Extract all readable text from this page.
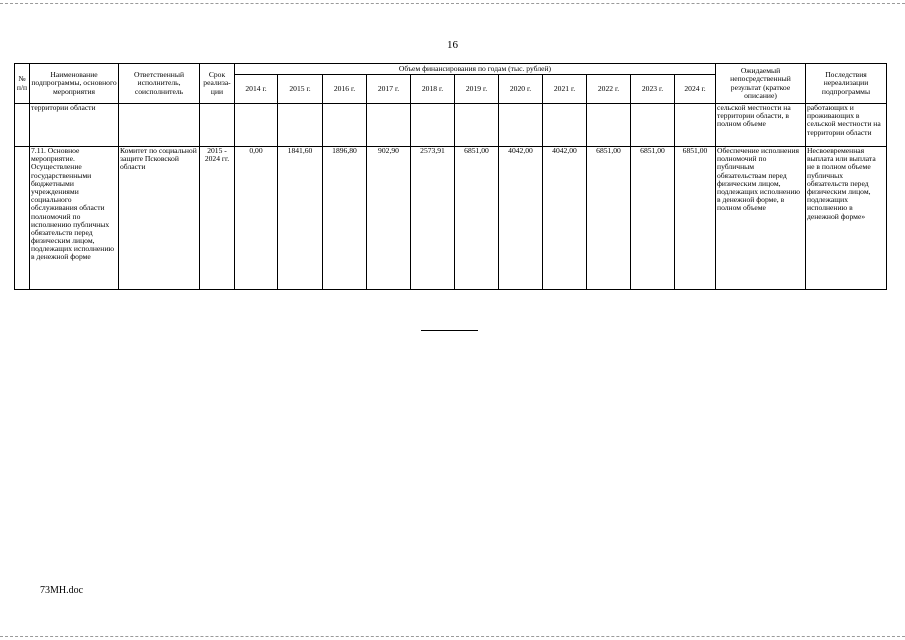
16
№ п/п	Наименование подпрограммы, основного мероприятия	Ответственный исполнитель, соисполнитель	Срок реализа-ции	Объем финансирования по годам (тыс. рублей)											Ожидаемый непосредственный результат (краткое описание)	Последствия нереализации подпрограммы
				2014 г.	2015 г.	2016 г.	2017 г.	2018 г.	2019 г.	2020 г.	2021 г.	2022 г.	2023 г.	2024 г.		
	территории области														сельской местности на территории области, в полном объеме	работающих и проживающих в сельской местности на территории области
	7.11. Основное мероприятие. Осуществление государственными бюджетными учреждениями социального обслуживания области полномочий по исполнению публичных обязательств перед физическим лицом, подлежащих исполнению в денежной форме	Комитет по социальной защите Псковской области	2015 - 2024 гг.	0,00	1841,60	1896,80	902,90	2573,91	6851,00	4042,00	4042,00	6851,00	6851,00	6851,00	Обеспечение исполнения полномочий по публичным обязательствам перед физическим лицом, подлежащих исполнению в денежной форме, в полном объеме	Несвоевременная выплата или выплата не в полном объеме публичных обязательств перед физическим лицом, подлежащих исполнению в денежной форме»
73МН.doc
